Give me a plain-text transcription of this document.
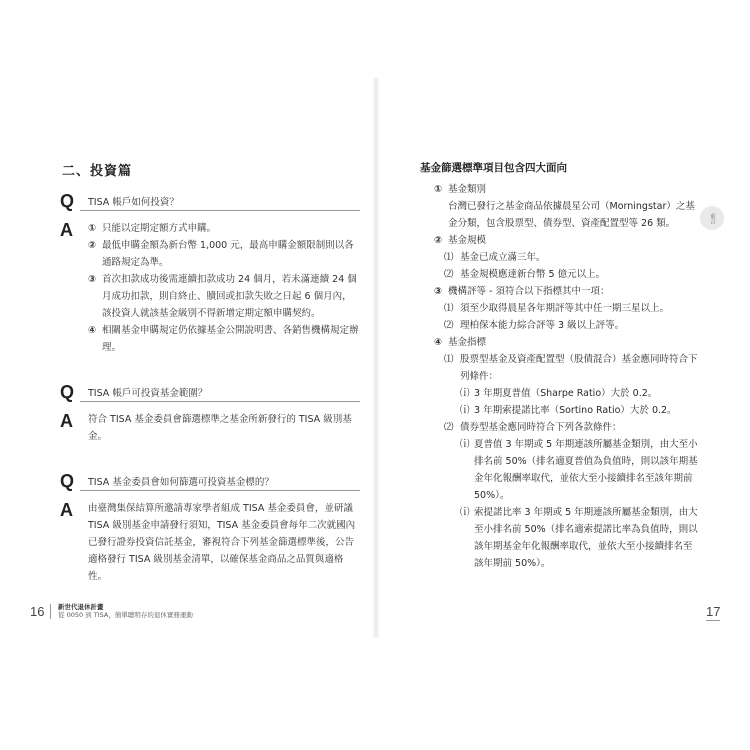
二、投資篇
Q	TISA 帳戶如何投資？
A	① 只能以定期定額方式申購。
② 最低申購金額為新台幣 1,000 元，最高申購金額限制則以各通路規定為準。
③ 首次扣款成功後需連續扣款成功 24 個月，若未滿連續 24 個月成功扣款，則自終止、贖回或扣款失敗之日起 6 個月內，該投資人就該基金級別不得新增定期定額申購契約。
④ 相關基金申購規定仍依據基金公開說明書、各銷售機構規定辦理。
Q	TISA 帳戶可投資基金範圍？
A	符合 TISA 基金委員會篩選標準之基金所新發行的 TISA 級別基金。
Q	TISA 基金委員會如何篩選可投資基金標的？
A	由臺灣集保結算所邀請專家學者組成 TISA 基金委員會，並研議 TISA 級別基金申請發行須知，TISA 基金委員會每年二次就國內已發行證券投資信託基金，審視符合下列基金篩選標準後，公告適格發行 TISA 級別基金清單，以確保基金商品之品質與適格性。
16	新世代退休計畫
從 0050 到 TISA，簡單聰明存的退休實務運動
基金篩選標準項目包含四大面向
① 基金類別
台灣已發行之基金商品依據晨星公司（Morningstar）之基金分類，包含股票型、債券型、資產配置型等 26 類。
② 基金規模
⑴ 基金已成立滿三年。
⑵ 基金規模應達新台幣 5 億元以上。
③ 機構評等 - 須符合以下指標其中一項：
⑴ 須至少取得晨星各年期評等其中任一期三星以上。
⑵ 理柏保本能力綜合評等 3 級以上評等。
④ 基金指標
⑴ 股票型基金及資產配置型（股債混合）基金應同時符合下列條件：
⒤ 3 年期夏普值（Sharpe Ratio）大於 0.2。
⒤ 3 年期索提諾比率（Sortino Ratio）大於 0.2。
⑵ 債券型基金應同時符合下列各款條件：
⒤ 夏普值 3 年期或 5 年期連該所屬基金類別，由大至小排名前 50%（排名適夏普值為負值時，則以該年期基金年化報酬率取代，並依大至小接續排名至該年期前 50%）。
⒤ 索提諾比率 3 年期或 5 年期連該所屬基金類別，由大至小排名前 50%（排名適索提諾比率為負值時，則以該年期基金年化報酬率取代，並依大至小接續排名至該年期前 50%）。
前言
17
